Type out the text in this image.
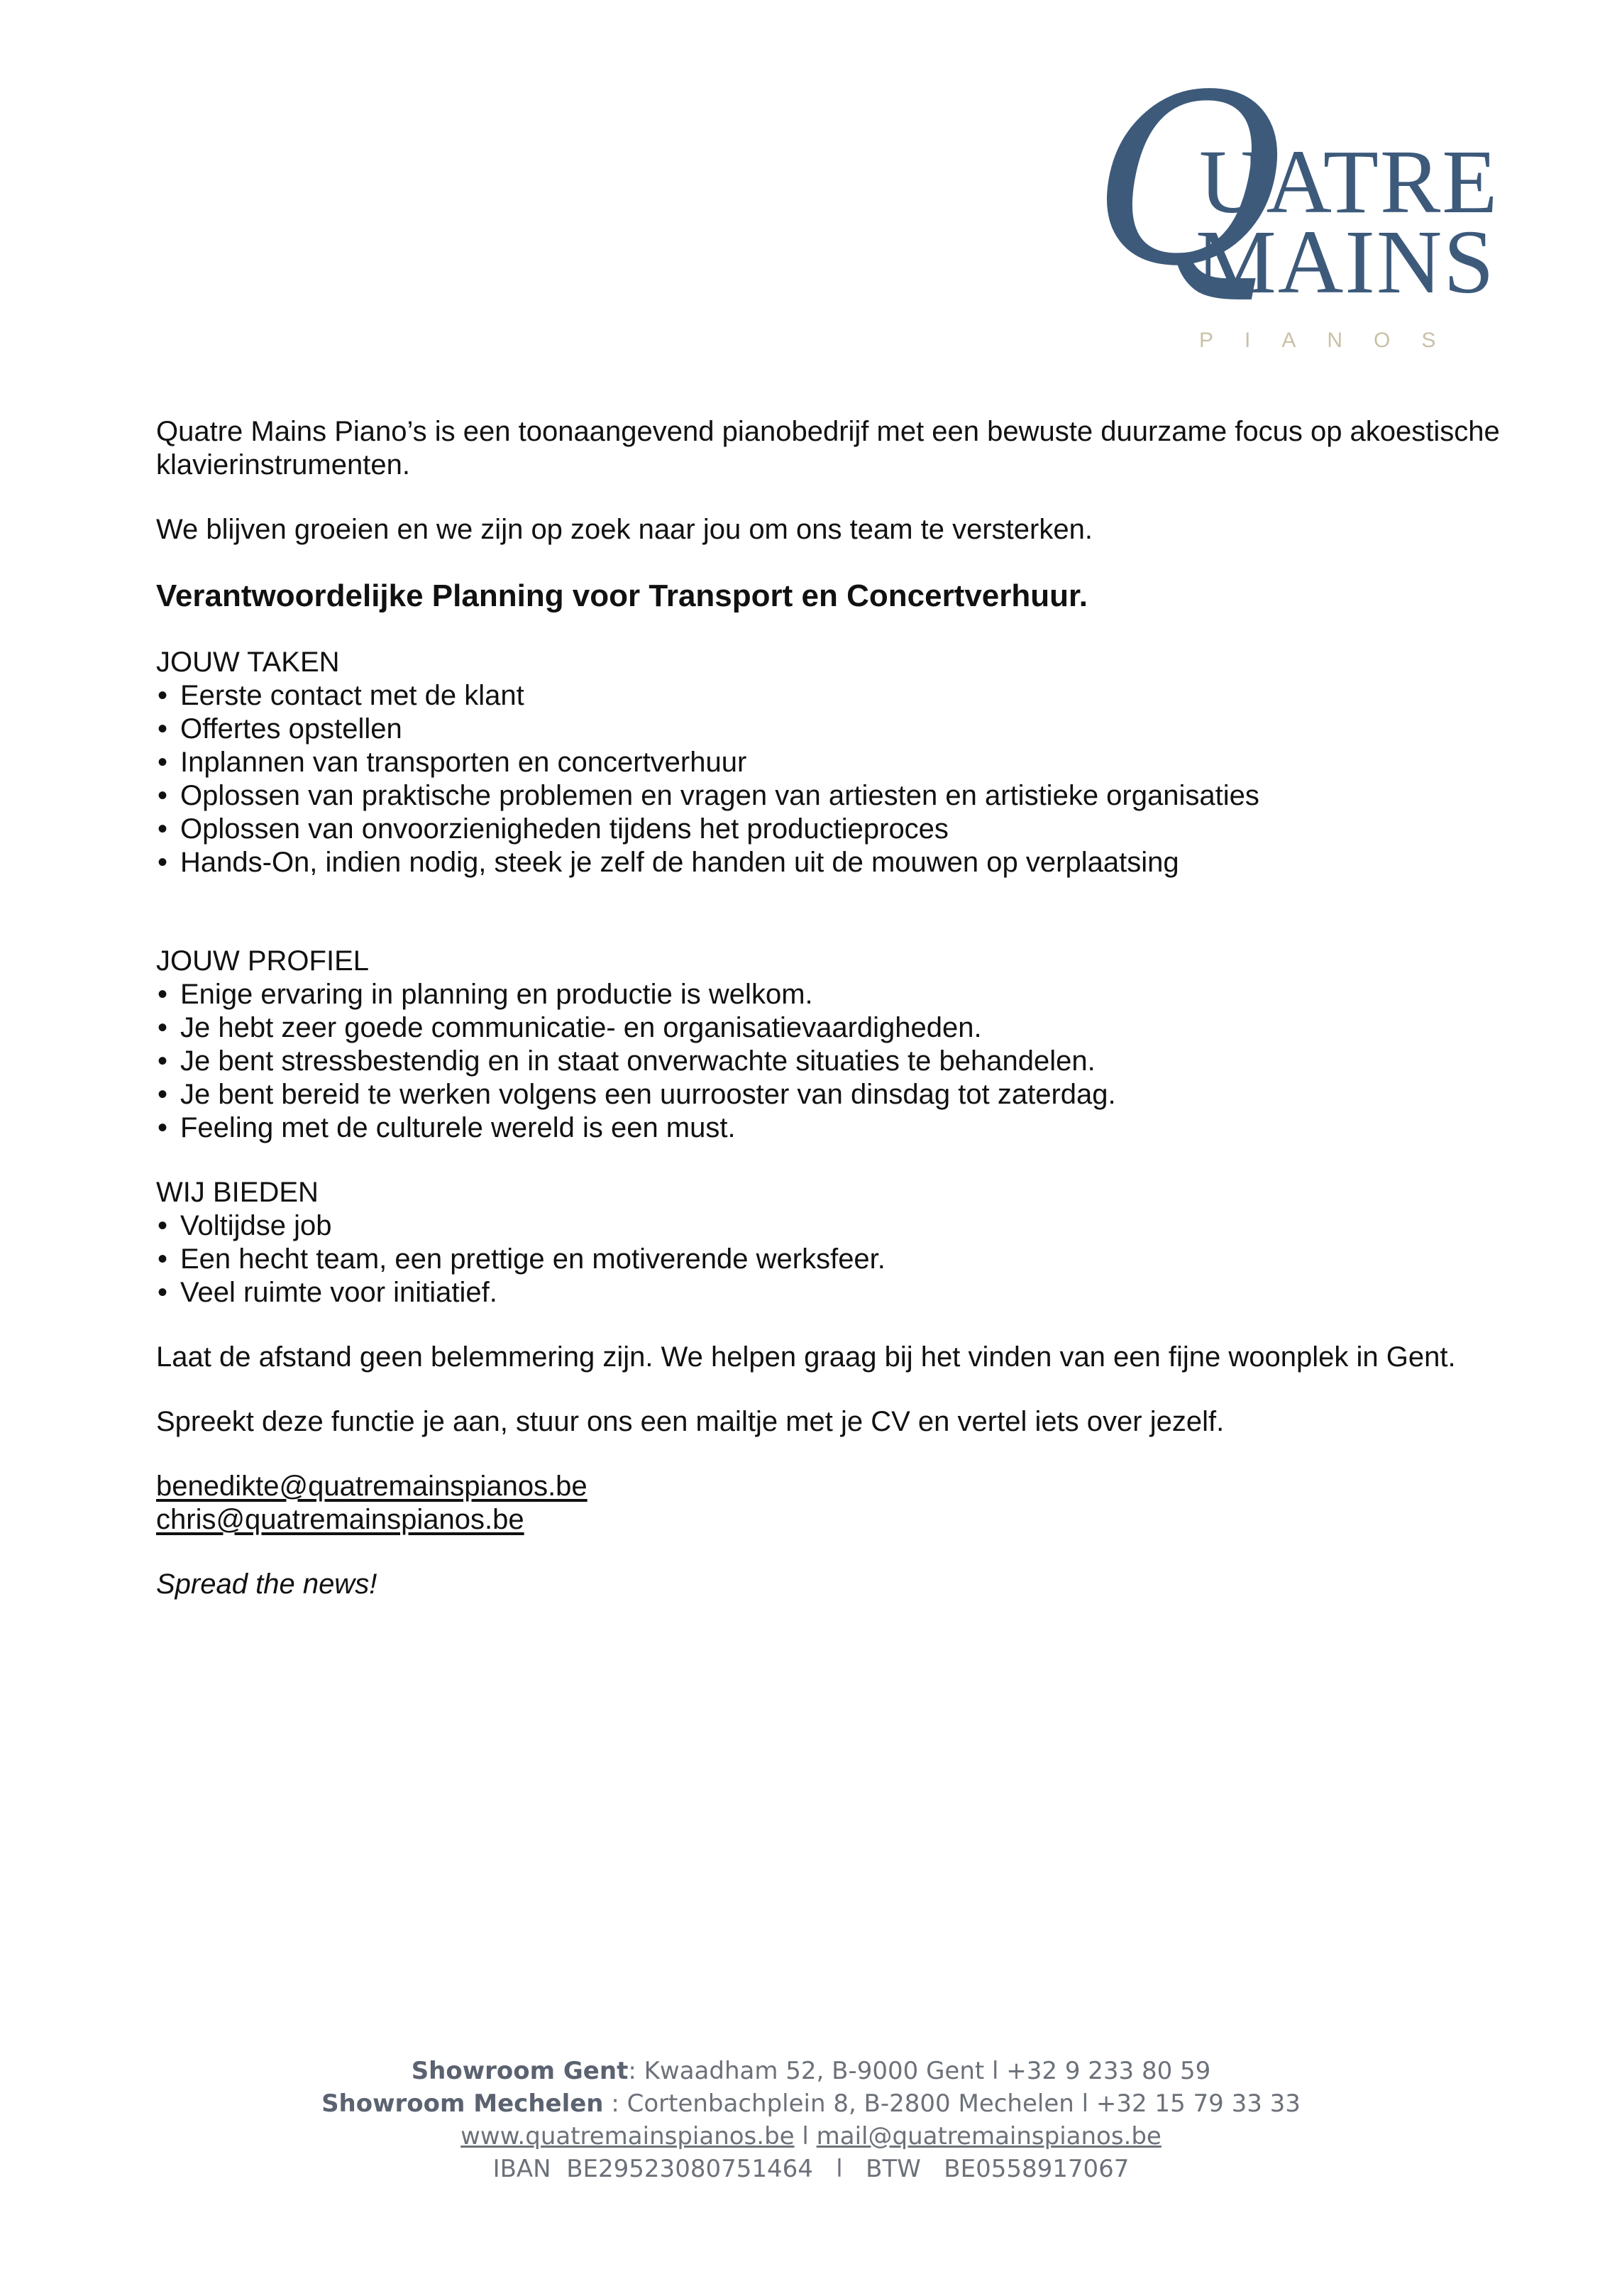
Q
UATRE
MAINS
PIANOS

Quatre Mains Piano’s is een toonaangevend pianobedrijf met een bewuste duurzame focus op akoestische klavierinstrumenten.

We blijven groeien en we zijn op zoek naar jou om ons team te versterken.

Verantwoordelijke Planning voor Transport en Concertverhuur.

JOUW TAKEN

• Eerste contact met de klant
• Offertes opstellen
• Inplannen van transporten en concertverhuur
• Oplossen van praktische problemen en vragen van artiesten en artistieke organisaties
• Oplossen van onvoorzienigheden tijdens het productieproces
• Hands-On, indien nodig, steek je zelf de handen uit de mouwen op verplaatsing

JOUW PROFIEL

• Enige ervaring in planning en productie is welkom.
• Je hebt zeer goede communicatie- en organisatievaardigheden.
• Je bent stressbestendig en in staat onverwachte situaties te behandelen.
• Je bent bereid te werken volgens een uurrooster van dinsdag tot zaterdag.
• Feeling met de culturele wereld is een must.

WIJ BIEDEN

• Voltijdse job
• Een hecht team, een prettige en motiverende werksfeer.
• Veel ruimte voor initiatief.

Laat de afstand geen belemmering zijn. We helpen graag bij het vinden van een fijne woonplek in Gent.

Spreekt deze functie je aan, stuur ons een mailtje met je CV en vertel iets over jezelf.

benedikte@quatremainspianos.be

chris@quatremainspianos.be

Spread the news!

Showroom Gent: Kwaadham 52, B-9000 Gent l +32 9 233 80 59
Showroom Mechelen : Cortenbachplein 8, B-2800 Mechelen l +32 15 79 33 33
www.quatremainspianos.be l mail@quatremainspianos.be
IBAN  BE29523080751464   l   BTW   BE0558917067
